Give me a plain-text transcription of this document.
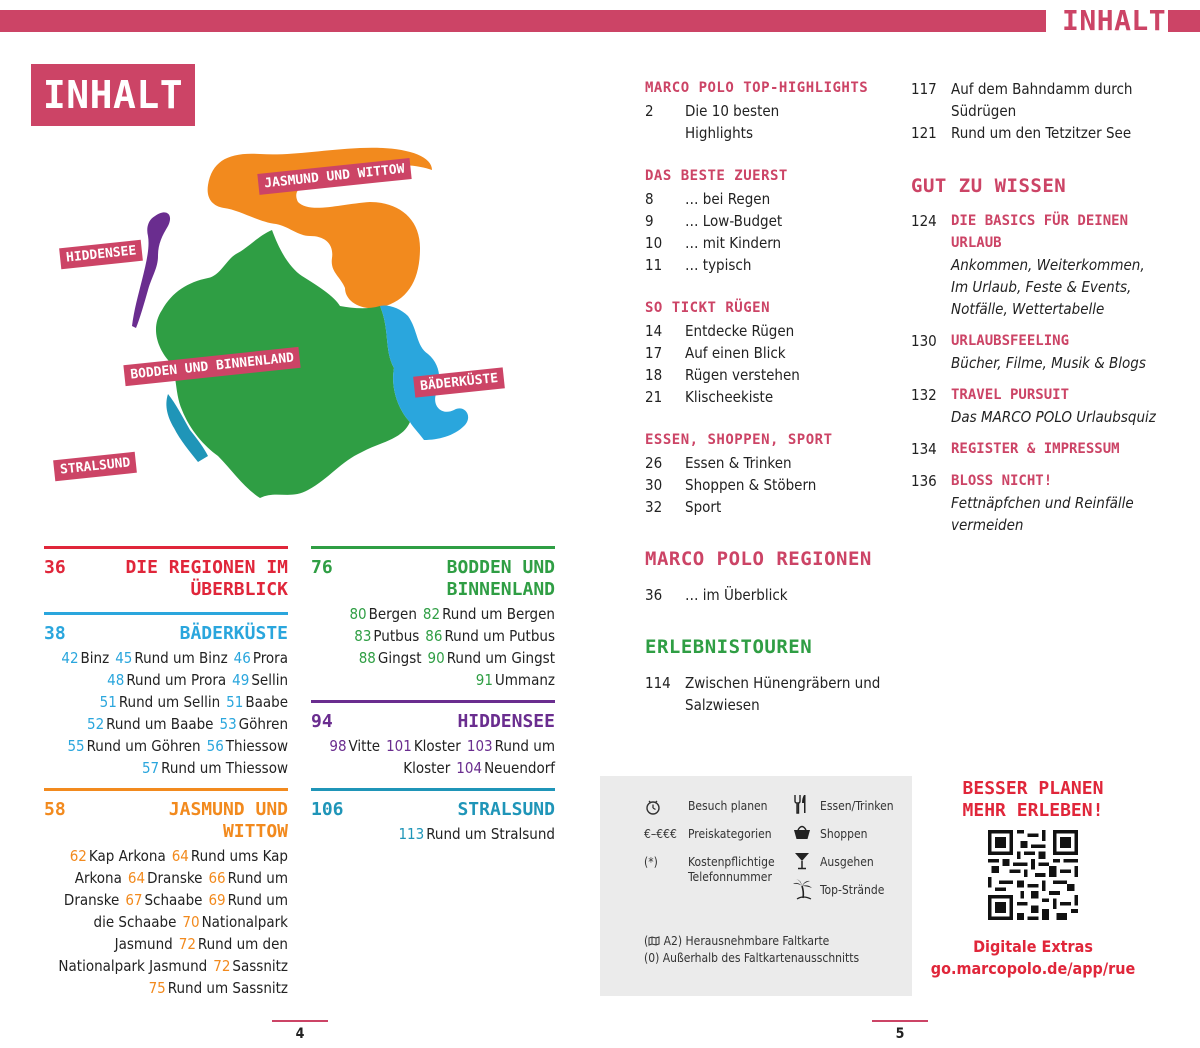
INHALT
INHALT
JASMUND UND WITTOW
HIDDENSEE
BODDEN UND BINNENLAND	BÄDERKÜSTE
STRALSUND
36	DIE REGIONEN IM
ÜBERBLICK
38	BÄDERKÜSTE
42 Binz 45 Rund um Binz 46 Prora
48 Rund um Prora 49 Sellin
51 Rund um Sellin 51 Baabe
52 Rund um Baabe 53 Göhren
55 Rund um Göhren 56 Thiessow
57 Rund um Thiessow
58	JASMUND UND
WITTOW
62 Kap Arkona 64 Rund ums Kap
Arkona 64 Dranske 66 Rund um
Dranske 67 Schaabe 69 Rund um
die Schaabe 70 Nationalpark
Jasmund 72 Rund um den
Nationalpark Jasmund 72 Sassnitz
75 Rund um Sassnitz
76	BODDEN UND
BINNENLAND
80 Bergen 82 Rund um Bergen
83 Putbus 86 Rund um Putbus
88 Gingst 90 Rund um Gingst
91 Ummanz
94	HIDDENSEE
98 Vitte 101 Kloster 103 Rund um
Kloster 104 Neuendorf
106	STRALSUND
113 Rund um Stralsund
MARCO POLO TOP-HIGHLIGHTS
2	Die 10 besten Highlights
DAS BESTE ZUERST
8	… bei Regen
9	… Low-Budget
10	… mit Kindern
11	… typisch
SO TICKT RÜGEN
14	Entdecke Rügen
17	Auf einen Blick
18	Rügen verstehen
21	Klischeekiste
ESSEN, SHOPPEN, SPORT
26	Essen & Trinken
30	Shoppen & Stöbern
32	Sport
MARCO POLO REGIONEN
36	… im Überblick
ERLEBNISTOUREN
114 Zwischen Hünengräbern und Salzwiesen
117 Auf dem Bahndamm durch Südrügen
121 Rund um den Tetzitzer See
GUT ZU WISSEN
124	DIE BASICS FÜR DEINEN URLAUB
Ankommen, Weiterkommen, Im Urlaub, Feste & Events, Notfälle, Wettertabelle
130	URLAUBSFEELING
Bücher, Filme, Musik & Blogs
132	TRAVEL PURSUIT
Das MARCO POLO Urlaubsquiz
134	REGISTER & IMPRESSUM
136	BLOSS NICHT!
Fettnäpfchen und Reinfälle vermeiden
Besuch planen
€–€€€ Preiskategorien
(*)	Kostenpflichtige Telefonnummer
Essen/Trinken
Shoppen
Ausgehen
Top-Strände
( A2) Herausnehmbare Faltkarte
(0) Außerhalb des Faltkartenausschnitts
BESSER PLANEN
MEHR ERLEBEN!
Digitale Extras
go.marcopolo.de/app/rue
4	5
